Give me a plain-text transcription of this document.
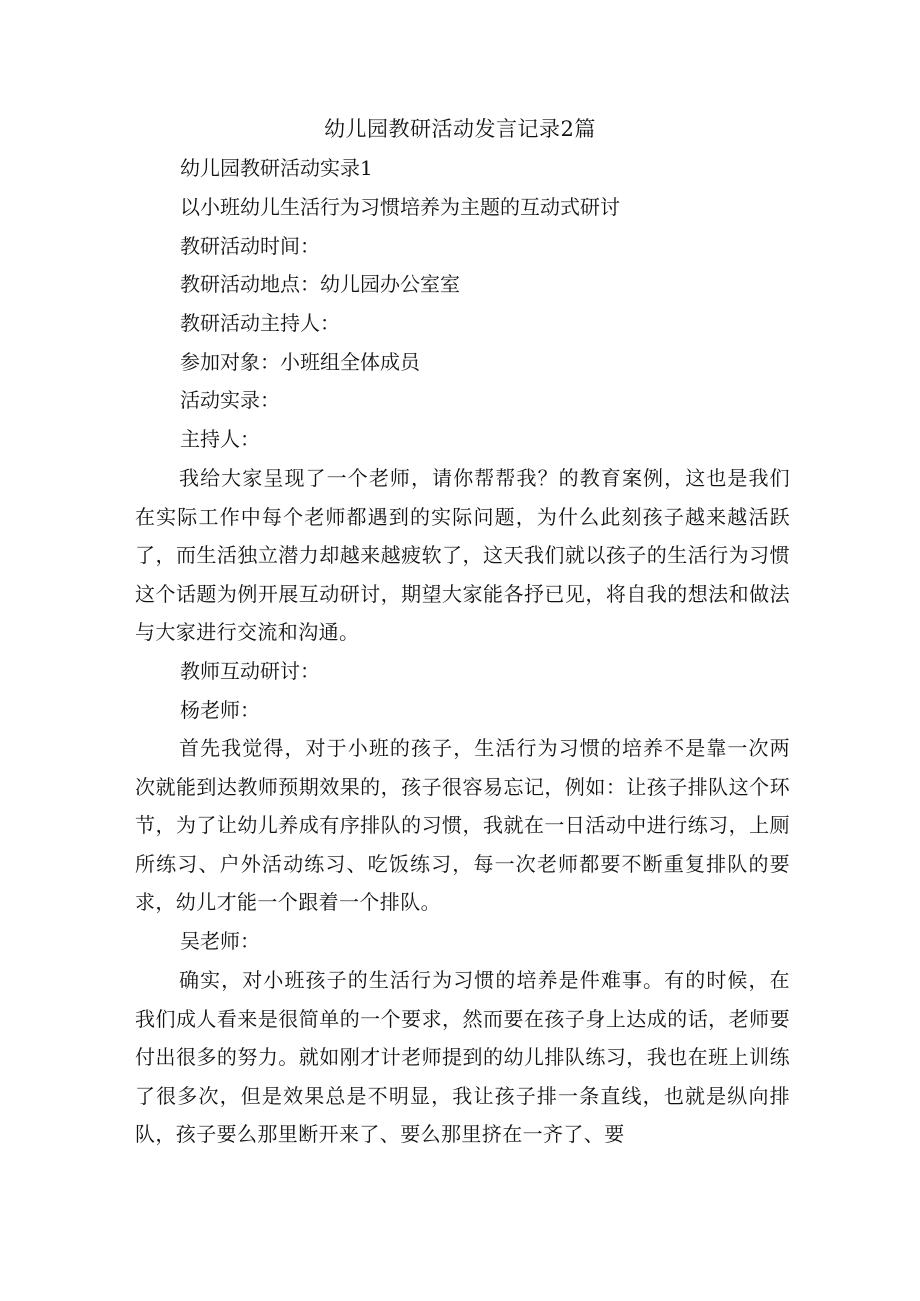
幼儿园教研活动发言记录2篇
幼儿园教研活动实录1
以小班幼儿生活行为习惯培养为主题的互动式研讨
教研活动时间：
教研活动地点：幼儿园办公室室
教研活动主持人：
参加对象：小班组全体成员
活动实录：
主持人：
我给大家呈现了一个老师，请你帮帮我？的教育案例，这也是我们在实际工作中每个老师都遇到的实际问题，为什么此刻孩子越来越活跃了，而生活独立潜力却越来越疲软了，这天我们就以孩子的生活行为习惯这个话题为例开展互动研讨，期望大家能各抒已见，将自我的想法和做法与大家进行交流和沟通。
教师互动研讨：
杨老师：
首先我觉得，对于小班的孩子，生活行为习惯的培养不是靠一次两次就能到达教师预期效果的，孩子很容易忘记，例如：让孩子排队这个环节，为了让幼儿养成有序排队的习惯，我就在一日活动中进行练习，上厕所练习、户外活动练习、吃饭练习，每一次老师都要不断重复排队的要求，幼儿才能一个跟着一个排队。
吴老师：
确实，对小班孩子的生活行为习惯的培养是件难事。有的时候，在我们成人看来是很简单的一个要求，然而要在孩子身上达成的话，老师要付出很多的努力。就如刚才计老师提到的幼儿排队练习，我也在班上训练了很多次，但是效果总是不明显，我让孩子排一条直线，也就是纵向排队，孩子要么那里断开来了、要么那里挤在一齐了、要
